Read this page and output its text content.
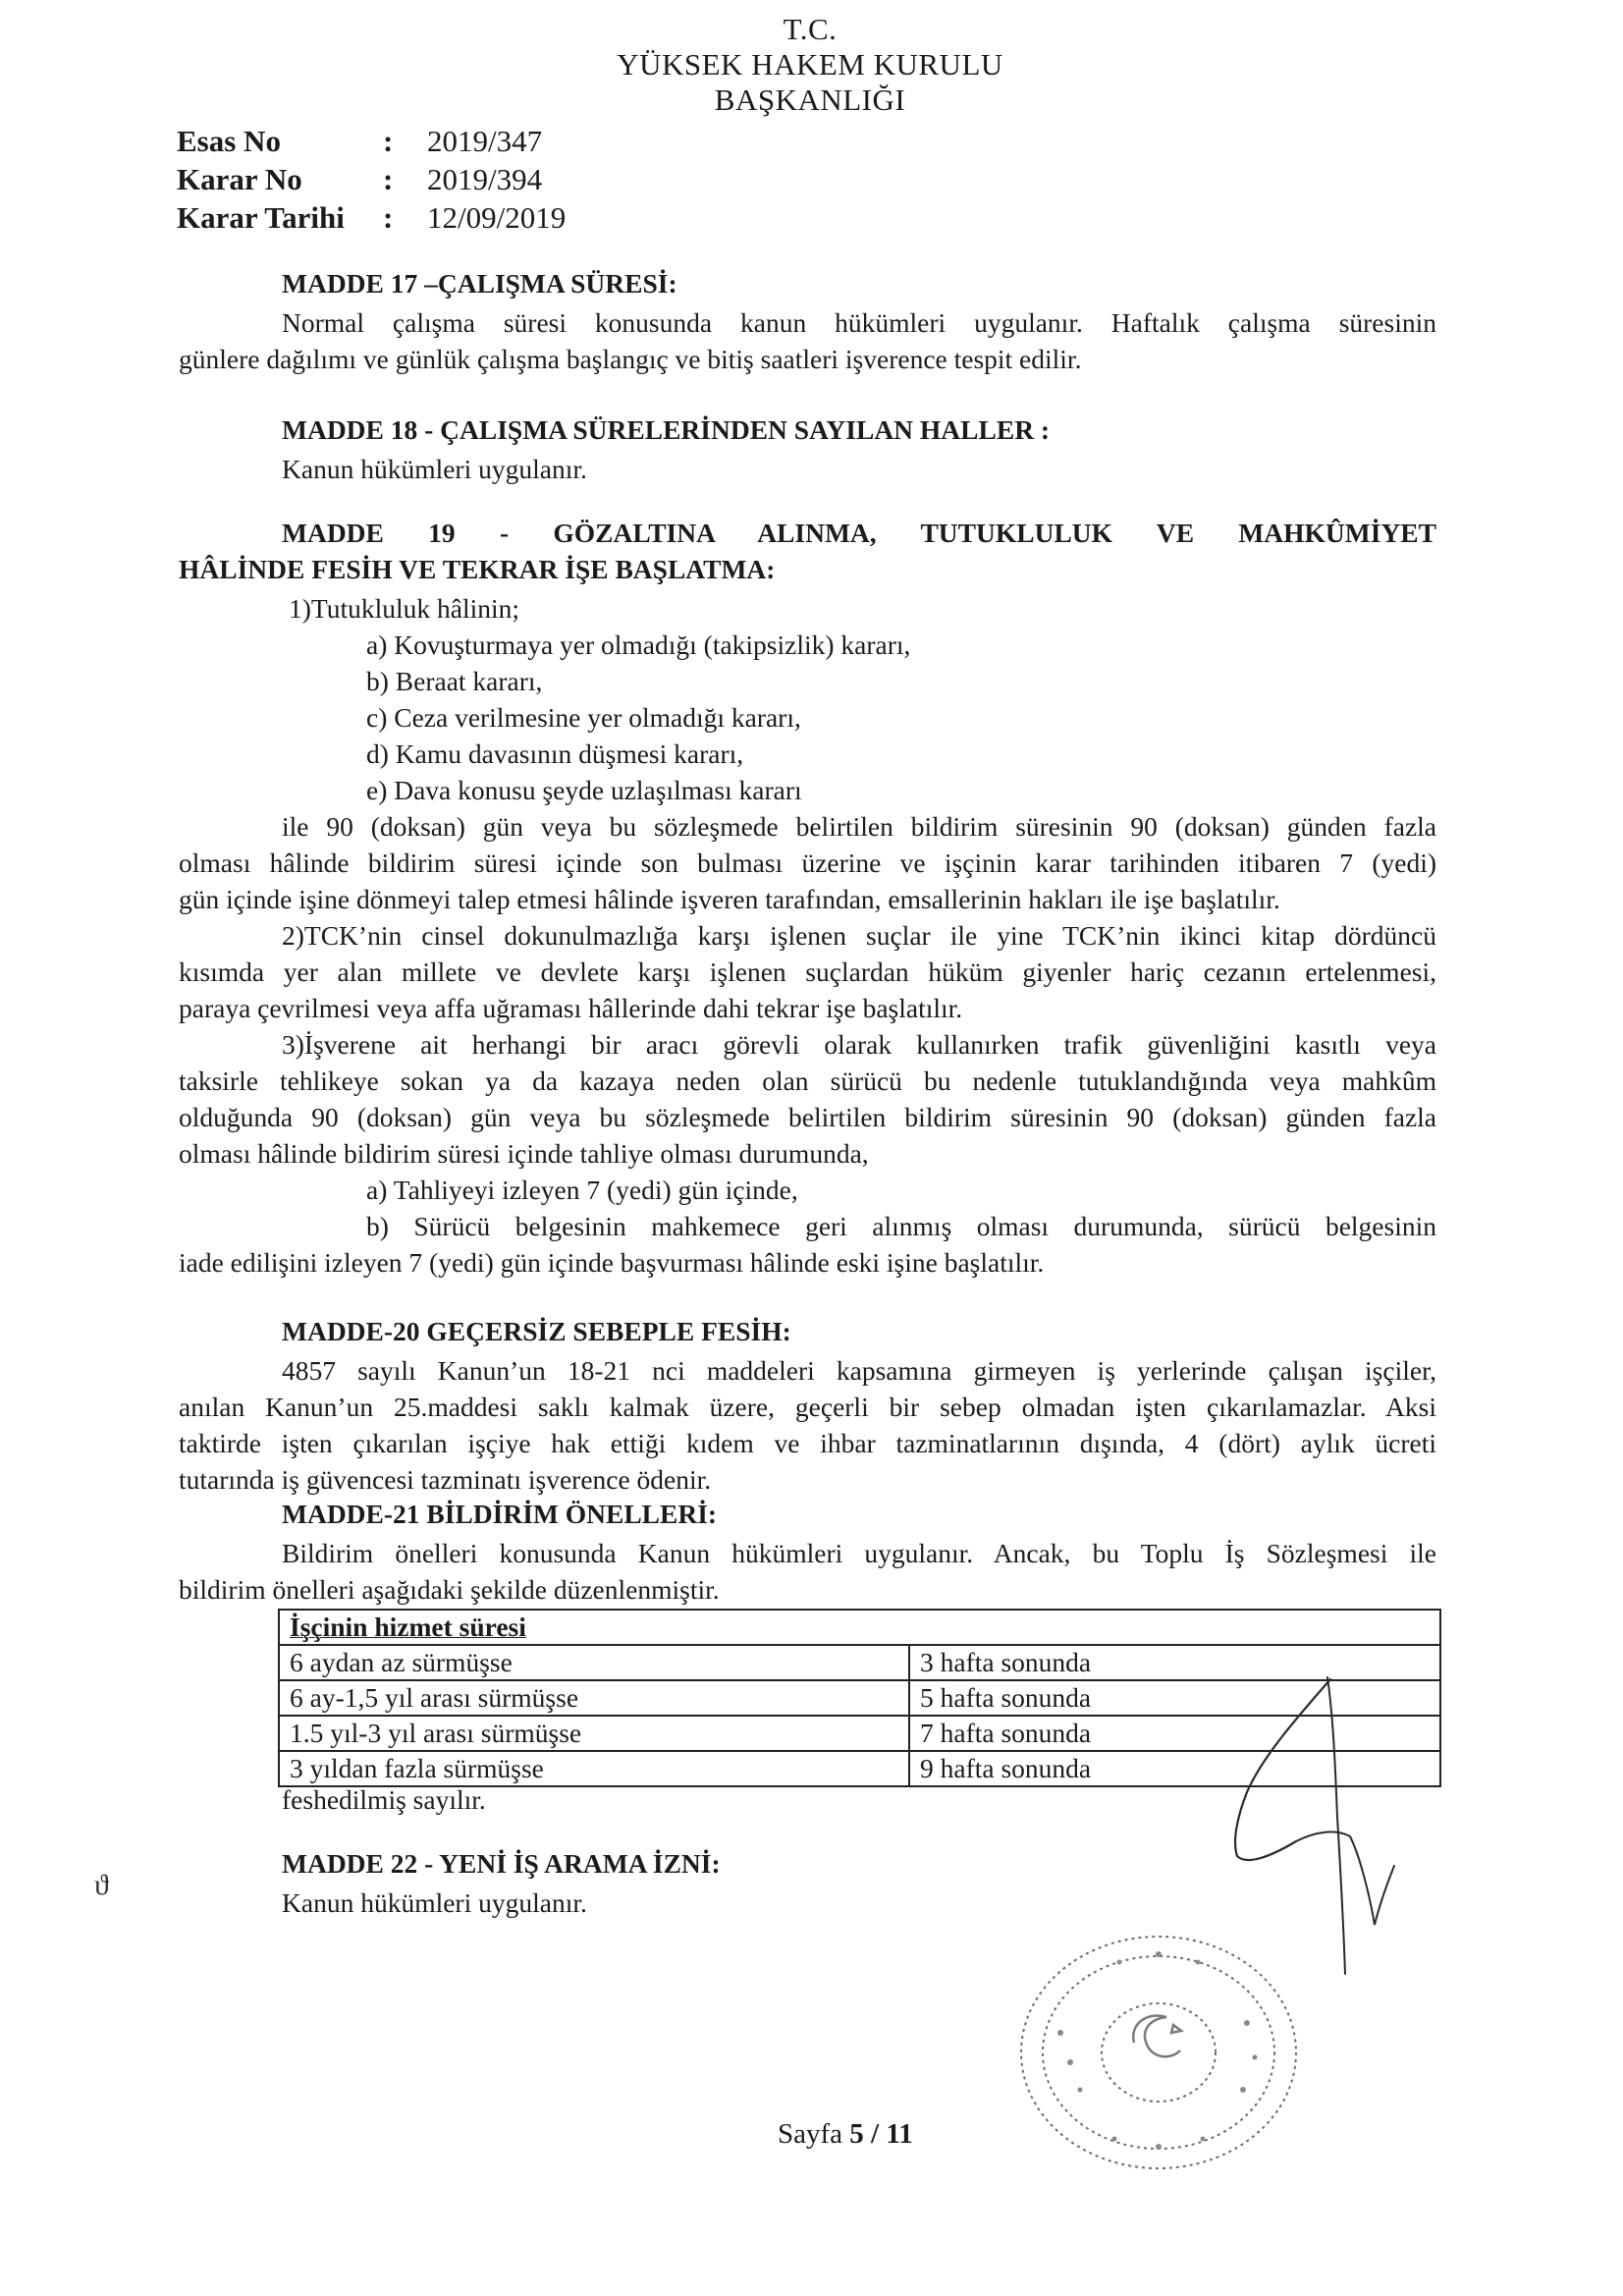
T.C.
YÜKSEK HAKEM KURULU
BAŞKANLIĞI
Esas No	: 2019/347
Karar No	: 2019/394
Karar Tarihi : 12/09/2019
MADDE 17 –ÇALIŞMA SÜRESİ:
Normal çalışma süresi konusunda kanun hükümleri uygulanır. Haftalık çalışma süresinin
günlere dağılımı ve günlük çalışma başlangıç ve bitiş saatleri işverence tespit edilir.
MADDE 18 - ÇALIŞMA SÜRELERİNDEN SAYILAN HALLER :
Kanun hükümleri uygulanır.
MADDE 19 - GÖZALTINA ALINMA, TUTUKLULUK VE MAHKÛMİYET
HÂLİNDE FESİH VE TEKRAR İŞE BAŞLATMA:
1)Tutukluluk hâlinin;
a) Kovuşturmaya yer olmadığı (takipsizlik) kararı,
b) Beraat kararı,
c) Ceza verilmesine yer olmadığı kararı,
d) Kamu davasının düşmesi kararı,
e) Dava konusu şeyde uzlaşılması kararı
ile 90 (doksan) gün veya bu sözleşmede belirtilen bildirim süresinin 90 (doksan) günden fazla
olması hâlinde bildirim süresi içinde son bulması üzerine ve işçinin karar tarihinden itibaren 7 (yedi)
gün içinde işine dönmeyi talep etmesi hâlinde işveren tarafından, emsallerinin hakları ile işe başlatılır.
2)TCK’nin cinsel dokunulmazlığa karşı işlenen suçlar ile yine TCK’nin ikinci kitap dördüncü
kısımda yer alan millete ve devlete karşı işlenen suçlardan hüküm giyenler hariç cezanın ertelenmesi,
paraya çevrilmesi veya affa uğraması hâllerinde dahi tekrar işe başlatılır.
3)İşverene ait herhangi bir aracı görevli olarak kullanırken trafik güvenliğini kasıtlı veya
taksirle tehlikeye sokan ya da kazaya neden olan sürücü bu nedenle tutuklandığında veya mahkûm
olduğunda 90 (doksan) gün veya bu sözleşmede belirtilen bildirim süresinin 90 (doksan) günden fazla
olması hâlinde bildirim süresi içinde tahliye olması durumunda,
a) Tahliyeyi izleyen 7 (yedi) gün içinde,
b) Sürücü belgesinin mahkemece geri alınmış olması durumunda, sürücü belgesinin
iade edilişini izleyen 7 (yedi) gün içinde başvurması hâlinde eski işine başlatılır.
MADDE-20 GEÇERSİZ SEBEPLE FESİH:
4857 sayılı Kanun’un 18-21 nci maddeleri kapsamına girmeyen iş yerlerinde çalışan işçiler,
anılan Kanun’un 25.maddesi saklı kalmak üzere, geçerli bir sebep olmadan işten çıkarılamazlar. Aksi
taktirde işten çıkarılan işçiye hak ettiği kıdem ve ihbar tazminatlarının dışında, 4 (dört) aylık ücreti
tutarında iş güvencesi tazminatı işverence ödenir.
MADDE-21 BİLDİRİM ÖNELLERİ:
Bildirim önelleri konusunda Kanun hükümleri uygulanır. Ancak, bu Toplu İş Sözleşmesi ile
bildirim önelleri aşağıdaki şekilde düzenlenmiştir.
İşçinin hizmet süresi	
6 aydan az sürmüşse	3 hafta sonunda
6 ay-1,5 yıl arası sürmüşse	5 hafta sonunda
1.5 yıl-3 yıl arası sürmüşse	7 hafta sonunda
3 yıldan fazla sürmüşse	9 hafta sonunda
feshedilmiş sayılır.
MADDE 22 - YENİ İŞ ARAMA İZNİ:
Kanun hükümleri uygulanır.
ϑ
Sayfa 5 / 11
